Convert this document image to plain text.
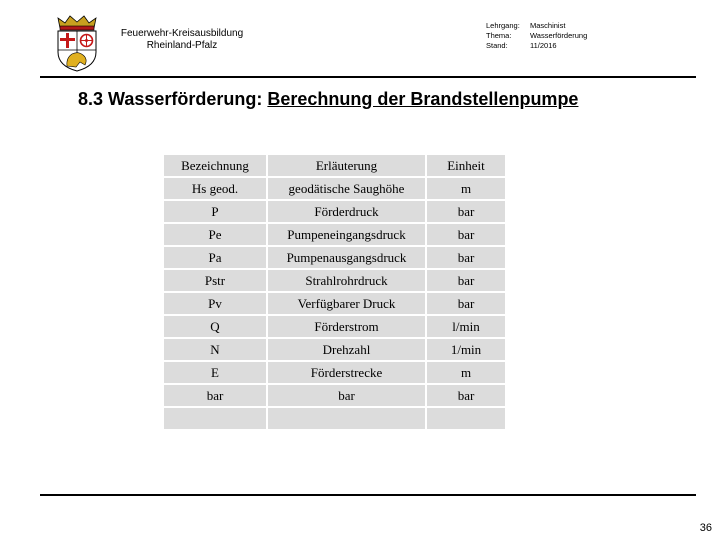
Feuerwehr-Kreisausbildung
Rheinland-Pfalz
Lehrgang:	Maschinist
Thema:	Wasserförderung
Stand:	11/2016
8.3 Wasserförderung: Berechnung der Brandstellenpumpe
Bezeichnung	Erläuterung	Einheit
Hs geod.	geodätische Saughöhe	m
P	Förderdruck	bar
Pe	Pumpeneingangsdruck	bar
Pa	Pumpenausgangsdruck	bar
Pstr	Strahlrohrdruck	bar
Pv	Verfügbarer Druck	bar
Q	Förderstrom	l/min
N	Drehzahl	1/min
E	Förderstrecke	m
bar	bar	bar

36
